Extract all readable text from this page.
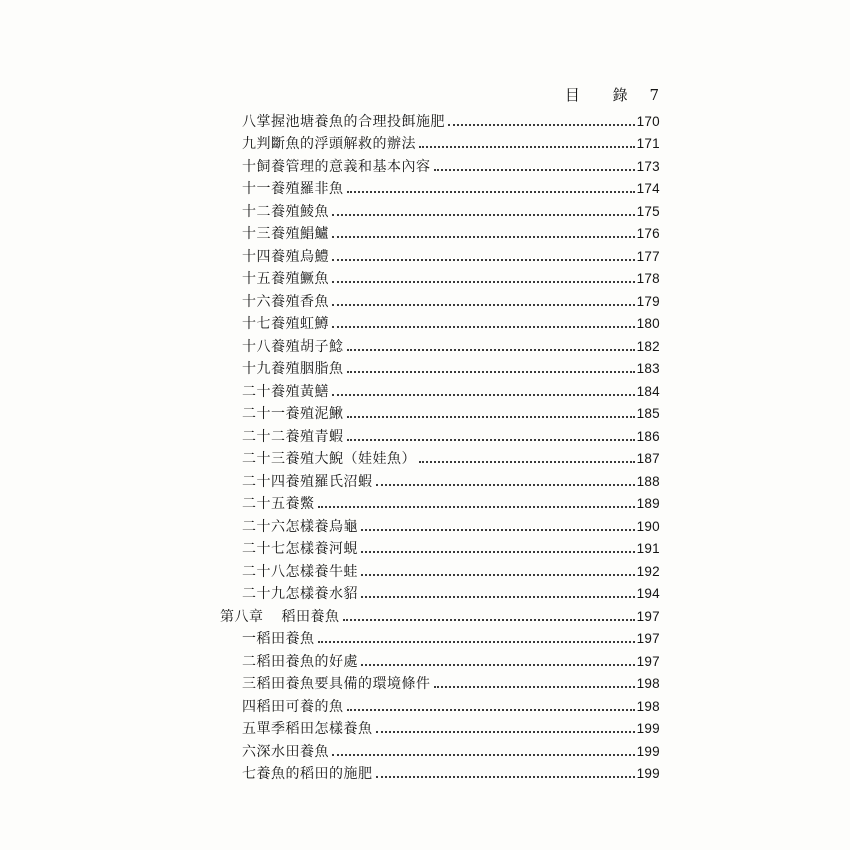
目 錄 7
八掌握池塘養魚的合理投餌施肥	170
九判斷魚的浮頭解救的辦法	171
十飼養管理的意義和基本內容	173
十一養殖羅非魚	174
十二養殖鯪魚	175
十三養殖鯧鱸	176
十四養殖烏鱧	177
十五養殖鱖魚	178
十六養殖香魚	179
十七養殖虹鱒	180
十八養殖胡子鯰	182
十九養殖胭脂魚	183
二十養殖黃鱔	184
二十一養殖泥鰍	185
二十二養殖青蝦	186
二十三養殖大鯢（娃娃魚）	187
二十四養殖羅氏沼蝦	188
二十五養鱉	189
二十六怎樣養烏龜	190
二十七怎樣養河蜆	191
二十八怎樣養牛蛙	192
二十九怎樣養水貂	194
第八章 稻田養魚	197
一稻田養魚	197
二稻田養魚的好處	197
三稻田養魚要具備的環境條件	198
四稻田可養的魚	198
五單季稻田怎樣養魚	199
六深水田養魚	199
七養魚的稻田的施肥	199
